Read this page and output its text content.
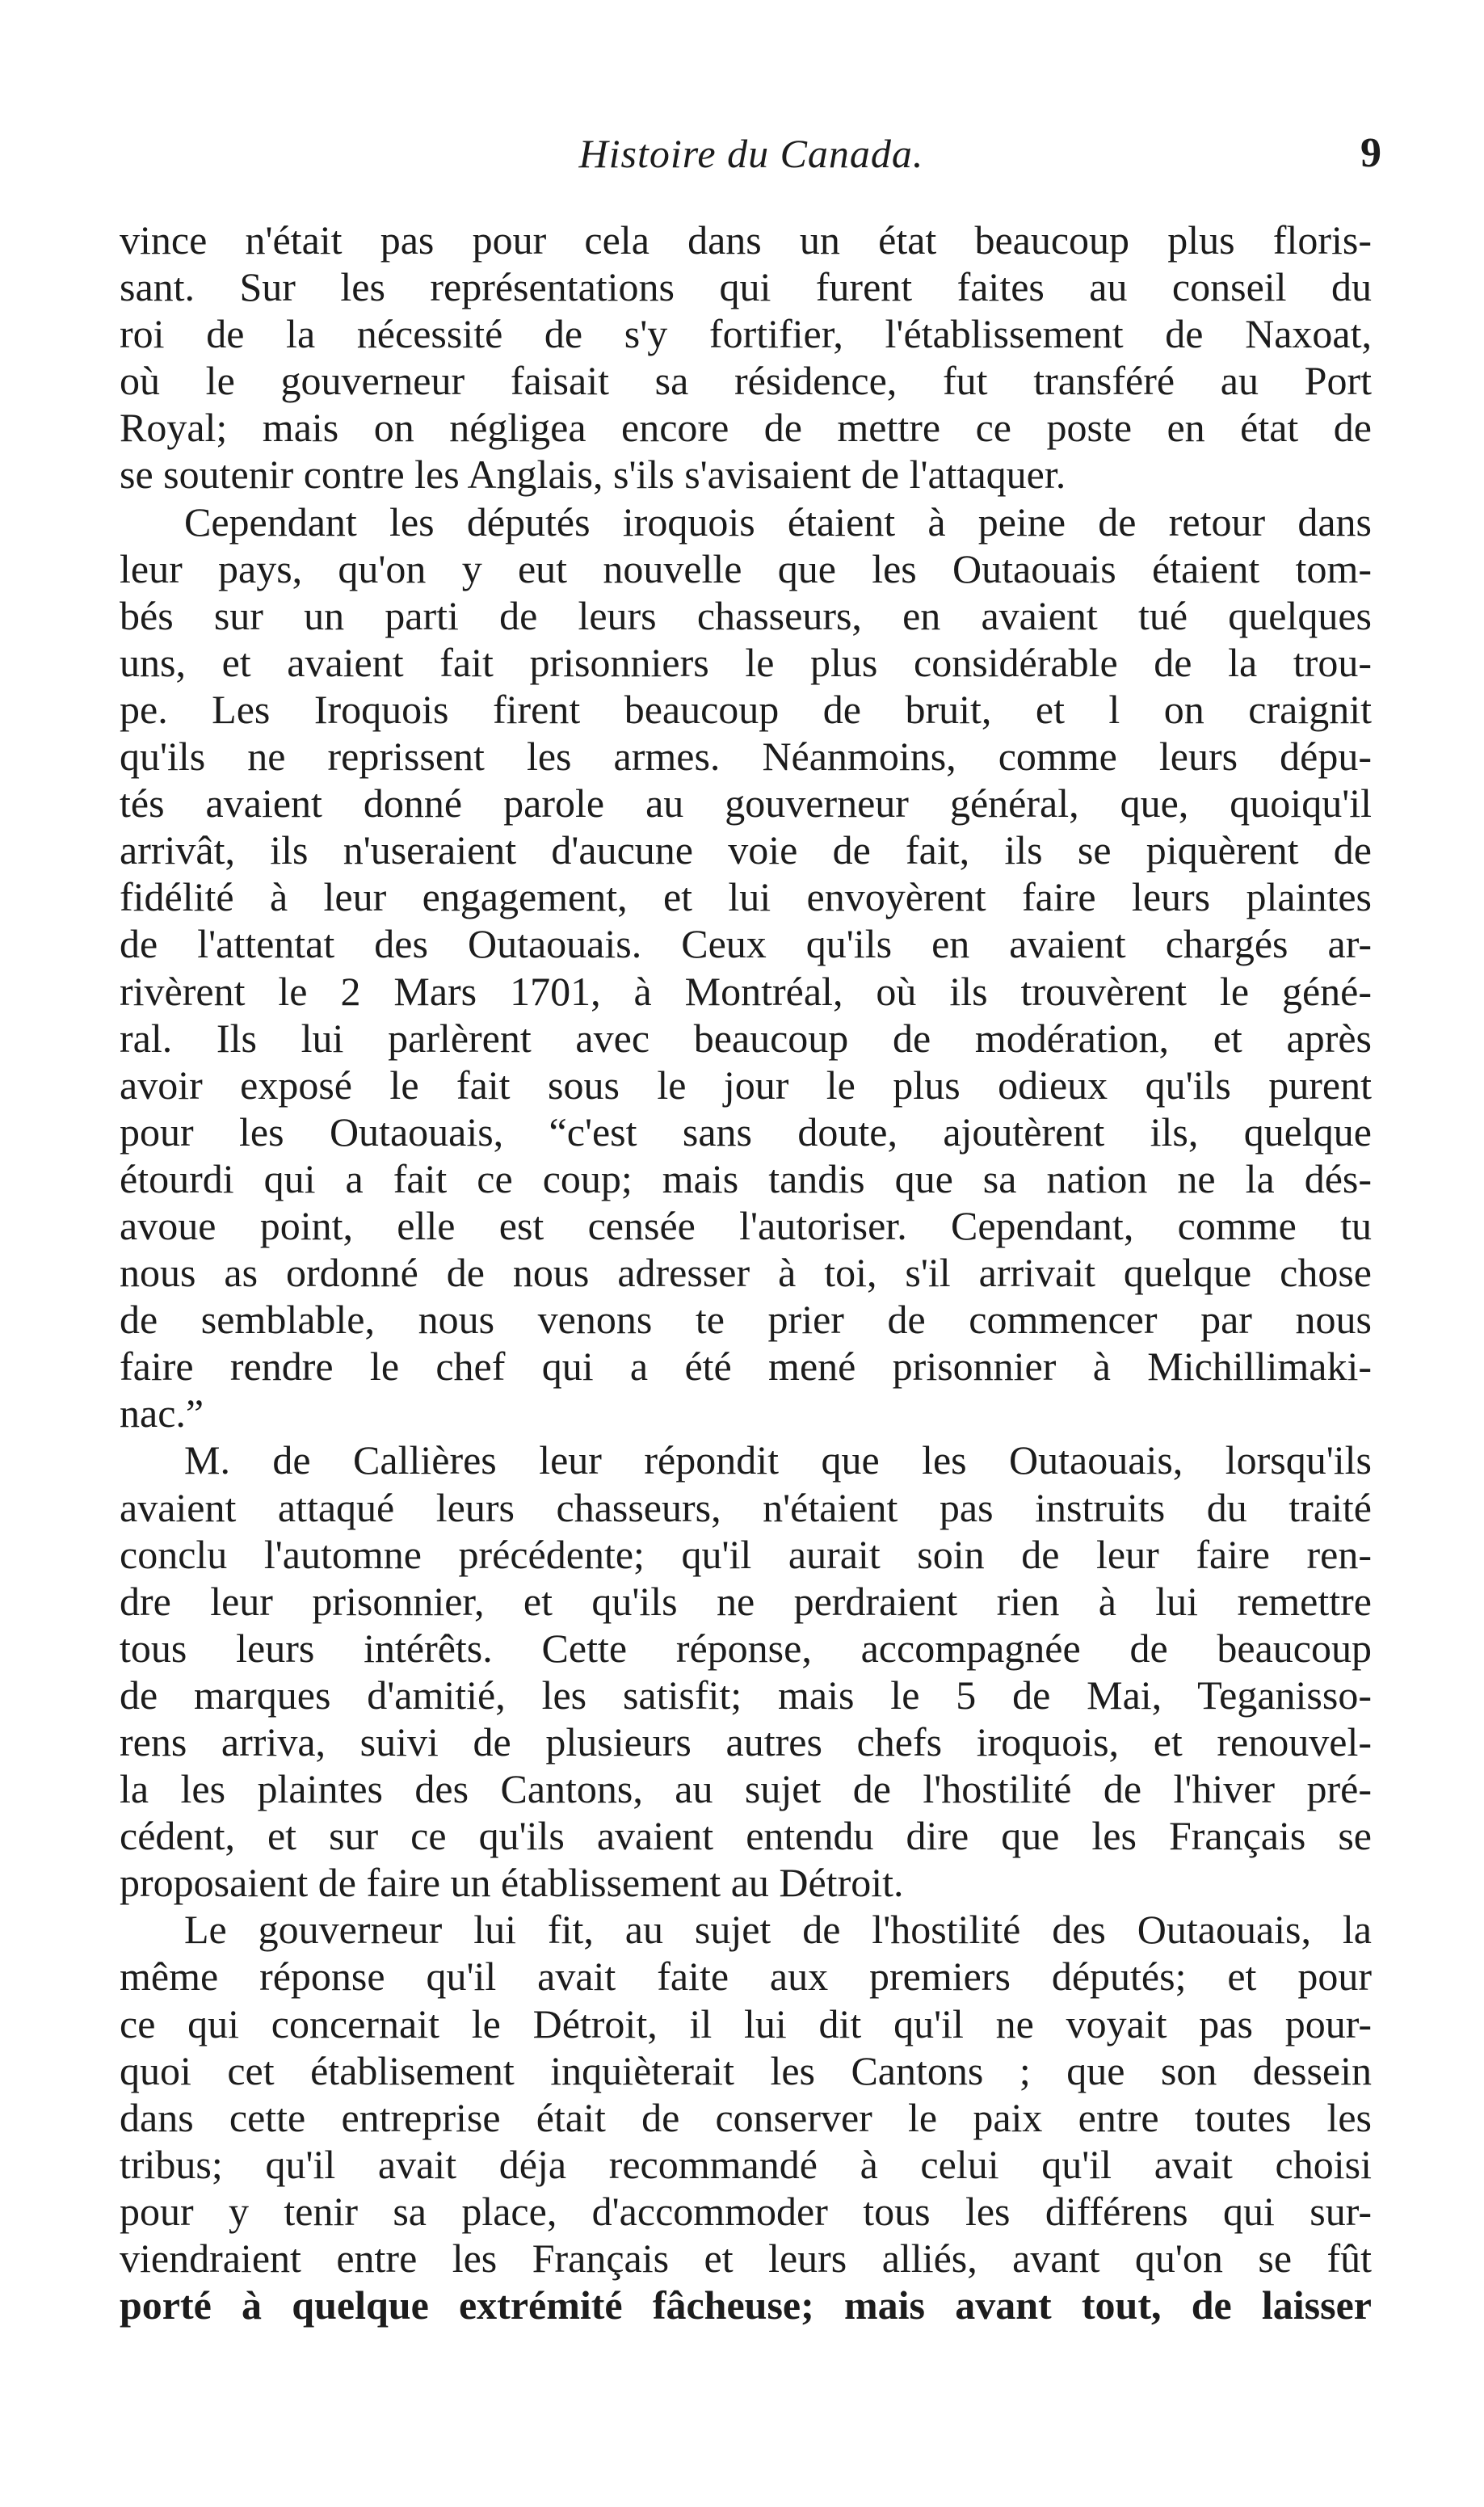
Histoire du Canada.	9
vince n'était pas pour cela dans un état beaucoup plus floris-
sant. Sur les représentations qui furent faites au conseil du
roi de la nécessité de s'y fortifier, l'établissement de Naxoat,
où le gouverneur faisait sa résidence, fut transféré au Port
Royal; mais on négligea encore de mettre ce poste en état de
se soutenir contre les Anglais, s'ils s'avisaient de l'attaquer.
Cependant les députés iroquois étaient à peine de retour dans
leur pays, qu'on y eut nouvelle que les Outaouais étaient tom-
bés sur un parti de leurs chasseurs, en avaient tué quelques
uns, et avaient fait prisonniers le plus considérable de la trou-
pe. Les Iroquois firent beaucoup de bruit, et l on craignit
qu'ils ne reprissent les armes. Néanmoins, comme leurs dépu-
tés avaient donné parole au gouverneur général, que, quoiqu'il
arrivât, ils n'useraient d'aucune voie de fait, ils se piquèrent de
fidélité à leur engagement, et lui envoyèrent faire leurs plaintes
de l'attentat des Outaouais. Ceux qu'ils en avaient chargés ar-
rivèrent le 2 Mars 1701, à Montréal, où ils trouvèrent le géné-
ral. Ils lui parlèrent avec beaucoup de modération, et après
avoir exposé le fait sous le jour le plus odieux qu'ils purent
pour les Outaouais, “c'est sans doute, ajoutèrent ils, quelque
étourdi qui a fait ce coup; mais tandis que sa nation ne la dés-
avoue point, elle est censée l'autoriser. Cependant, comme tu
nous as ordonné de nous adresser à toi, s'il arrivait quelque chose
de semblable, nous venons te prier de commencer par nous
faire rendre le chef qui a été mené prisonnier à Michillimaki-
nac.”
M. de Callières leur répondit que les Outaouais, lorsqu'ils
avaient attaqué leurs chasseurs, n'étaient pas instruits du traité
conclu l'automne précédente; qu'il aurait soin de leur faire ren-
dre leur prisonnier, et qu'ils ne perdraient rien à lui remettre
tous leurs intérêts. Cette réponse, accompagnée de beaucoup
de marques d'amitié, les satisfit; mais le 5 de Mai, Teganisso-
rens arriva, suivi de plusieurs autres chefs iroquois, et renouvel-
la les plaintes des Cantons, au sujet de l'hostilité de l'hiver pré-
cédent, et sur ce qu'ils avaient entendu dire que les Français se
proposaient de faire un établissement au Détroit.
Le gouverneur lui fit, au sujet de l'hostilité des Outaouais, la
même réponse qu'il avait faite aux premiers députés; et pour
ce qui concernait le Détroit, il lui dit qu'il ne voyait pas pour-
quoi cet établisement inquièterait les Cantons ; que son dessein
dans cette entreprise était de conserver le paix entre toutes les
tribus; qu'il avait déja recommandé à celui qu'il avait choisi
pour y tenir sa place, d'accommoder tous les différens qui sur-
viendraient entre les Français et leurs alliés, avant qu'on se fût
porté à quelque extrémité fâcheuse; mais avant tout, de laisser
